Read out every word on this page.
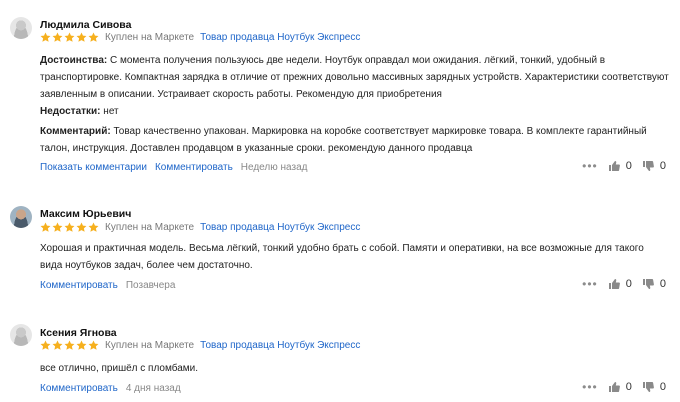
Людмила Сивова
Куплен на Маркете Товар продавца Ноутбук Экспресс
Достоинства: С момента получения пользуюсь две недели. Ноутбук оправдал мои ожидания. лёгкий, тонкий, удобный в транспортировке. Компактная зарядка в отличие от прежних довольно массивных зарядных устройств. Характеристики соответствуют заявленным в описании. Устраивает скорость работы. Рекомендую для приобретения
Недостатки: нет
Комментарий: Товар качественно упакован. Маркировка на коробке соответствует маркировке товара. В комплекте гарантийный талон, инструкция. Доставлен продавцом в указанные сроки. рекомендую данного продавца
Показать комментарии Комментировать Неделю назад	•••	0	0
Максим Юрьевич
Куплен на Маркете Товар продавца Ноутбук Экспресс
Хорошая и практичная модель. Весьма лёгкий, тонкий удобно брать с собой. Памяти и оперативки, на все возможные для такого вида ноутбуков задач, более чем достаточно.
Комментировать Позавчера	•••	0	0
Ксения Ягнова
Куплен на Маркете Товар продавца Ноутбук Экспресс
все отлично, пришёл с пломбами.
Комментировать 4 дня назад	•••	0	0
